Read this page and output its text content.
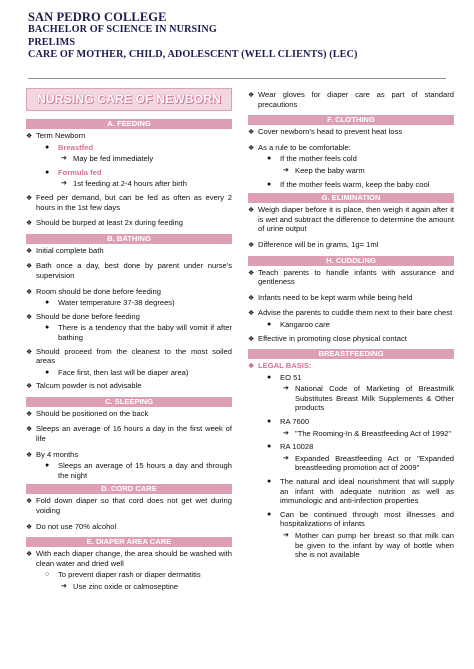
SAN PEDRO COLLEGE
BACHELOR OF SCIENCE IN NURSING
PRELIMS
CARE OF MOTHER, CHILD, ADOLESCENT (WELL CLIENTS) (LEC)
NURSING CARE OF NEWBORN
A. FEEDING
❖ Term Newborn
● Breastfed
➔ May be fed immediately
● Formula fed
➔ 1st feeding at 2-4 hours after birth
❖ Feed per demand, but can be fed as often as every 2 hours in the 1st few days
❖ Should be burped at least 2x during feeding
B. BATHING
❖ Initial complete bath
❖ Bath once a day, best done by parent under nurse's supervision
❖ Room should be done before feeding
● Water temperature 37-38 degrees)
❖ Should be done before feeding
● There is a tendency that the baby will vomit if after bathing
❖ Should proceed from the cleanest to the most soiled areas
● Face first, then last will be diaper area)
❖ Talcum powder is not advisable
C. SLEEPING
❖ Should be positioned on the back
❖ Sleeps an average of 16 hours a day in the first week of life
❖ By 4 months
● Sleeps an average of 15 hours a day and through the night
D. CORD CARE
❖ Fold down diaper so that cord does not get wet during voiding
❖ Do not use 70% alcohol
E. DIAPER AREA CARE
❖ With each diaper change, the area should be washed with clean water and dried well
○ To prevent diaper rash or diaper dermatitis
➔ Use zinc oxide or calmoseptine
❖ Wear gloves for diaper care as part of standard precautions
F. CLOTHING
❖ Cover newborn's head to prevent heat loss
❖ As a rule to be comfortable:
● If the mother feels cold
➔ Keep the baby warm
● If the mother feels warm, keep the baby cool
G. ELIMINATION
❖ Weigh diaper before it is place, then weigh it again after it is wet and subtract the difference to determine the amount of urine output
❖ Difference will be in grams, 1g= 1ml
H. CUDDLING
❖ Teach parents to handle infants with assurance and gentleness
❖ Infants need to be kept warm while being held
❖ Advise the parents to cuddle them next to their bare chest
● Kangaroo care
❖ Effective in promoting close physical contact
BREASTFEEDING
❖ LEGAL BASIS:
● EO 51
➔ National Code of Marketing of Breastmilk Substitutes Breast Milk Supplements & Other products
● RA 7600
➔ "The Rooming-In & Breastfeeding Act of 1992"
● RA 10028
➔ Expanded Breastfeeding Act or "Expanded breastfeeding promotion act of 2009"
● The natural and ideal nourishment that will supply an infant with adequate nutrition as well as immunologic and anti-infection properties
● Can be continued through most illnesses and hospitalizations of infants
➔ Mother can pump her breast so that milk can be given to the infant by way of bottle when she is not available
